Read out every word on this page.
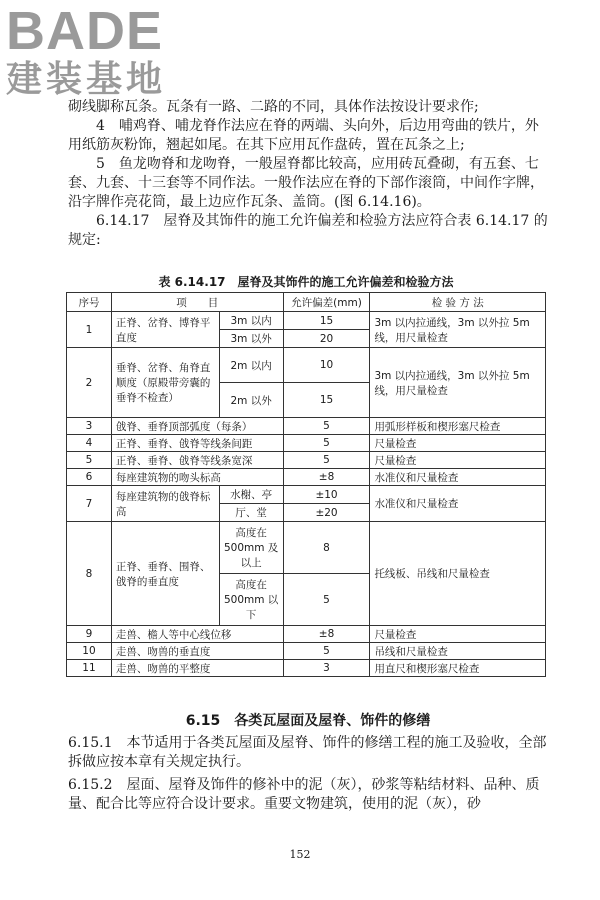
BADE
建装基地

砌线脚称瓦条。瓦条有一路、二路的不同，具体作法按设计要求作;

4　哺鸡脊、哺龙脊作法应在脊的两端、头向外，后边用弯曲的铁片，外用纸筋灰粉饰，翘起如尾。在其下应用瓦作盘砖，置在瓦条之上;

5　鱼龙吻脊和龙吻脊，一般屋脊都比较高，应用砖瓦叠砌，有五套、七套、九套、十三套等不同作法。一般作法应在脊的下部作滚筒，中间作字牌，沿字牌作亮花筒，最上边应作瓦条、盖筒。(图 6.14.16)。

6.14.17　屋脊及其饰件的施工允许偏差和检验方法应符合表 6.14.17 的规定:

表 6.14.17　屋脊及其饰件的施工允许偏差和检验方法
序号	项　　目		允许偏差(mm)	检 验 方 法
1	正脊、岔脊、博脊平直度	3m 以内	15	3m 以内拉通线，3m 以外拉 5m 线，用尺量检查
		3m 以外	20	
2	垂脊、岔脊、角脊直顺度（原殿带旁囊的垂脊不检查）	2m 以内	10	3m 以内拉通线，3m 以外拉 5m 线，用尺量检查
		2m 以外	15	
3	戗脊、垂脊顶部弧度（每条）		5	用弧形样板和楔形塞尺检查
4	正脊、垂脊、戗脊等线条间距		5	尺量检查
5	正脊、垂脊、戗脊等线条宽深		5	尺量检查
6	每座建筑物的吻头标高		±8	水准仪和尺量检查
7	每座建筑物的戗脊标高	水榭、亭	±10	水准仪和尺量检查
		厅、堂	±20	
8	正脊、垂脊、围脊、戗脊的垂直度	高度在 500mm 及以上	8	托线板、吊线和尺量检查
		高度在 500mm 以下	5	
9	走兽、檐人等中心线位移		±8	尺量检查
10	走兽、吻兽的垂直度		5	吊线和尺量检查
11	走兽、吻兽的平整度		3	用直尺和楔形塞尺检查
6.15　各类瓦屋面及屋脊、饰件的修缮

6.15.1　本节适用于各类瓦屋面及屋脊、饰件的修缮工程的施工及验收，全部拆做应按本章有关规定执行。

6.15.2　屋面、屋脊及饰件的修补中的泥（灰），砂浆等粘结材料、品种、质量、配合比等应符合设计要求。重要文物建筑，使用的泥（灰），砂

152
